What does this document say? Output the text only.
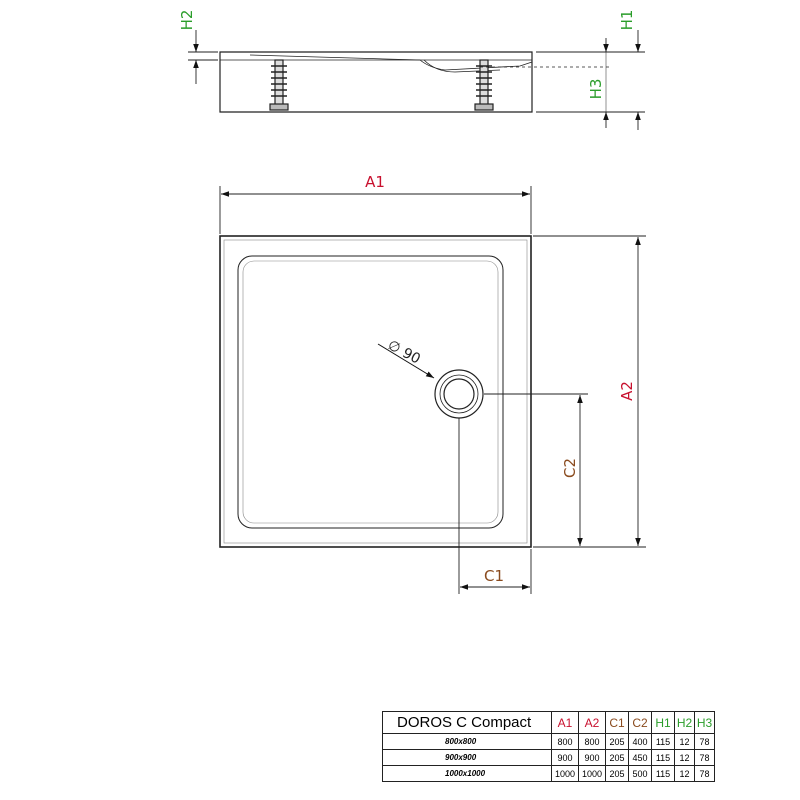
H2
H3
H1
∅ 90
A1
A2
C2
C1
DOROS C Compact	A1	A2	C1	C2	H1	H2	H3
800x800	800	800	205	400	115	12	78
900x900	900	900	205	450	115	12	78
1000x1000	1000	1000	205	500	115	12	78
